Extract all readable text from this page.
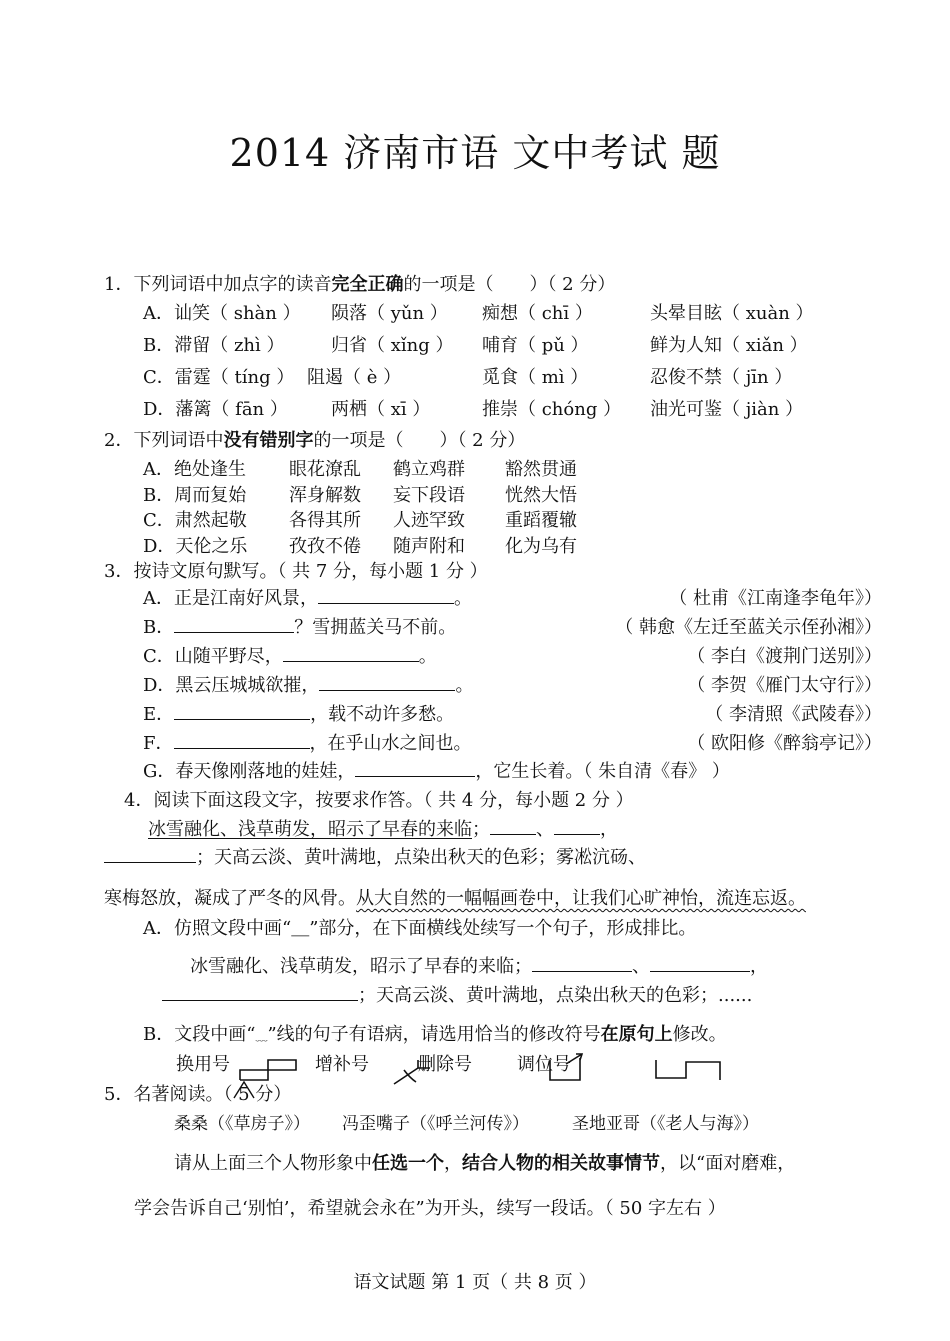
2014 济南市语 文中考试 题
1．下列词语中加点字的读音完全正确的一项是（　　）（ 2 分）
A．讪笑（ shàn ） 陨落（ yǔn ） 痴想（ chī ）	头晕目眩（ xuàn ）
B．滞留（ zhì ）	归省（ xǐng ） 哺育（ pǔ ）	鲜为人知（ xiǎn ）
C．雷霆（ tíng ） 阻遏（ è ）	觅食（ mì ）	忍俊不禁（ jīn ）
D．藩篱（ fān ） 两栖（ xī ）	推崇（ chóng ） 油光可鉴（ jiàn ）
2．下列词语中没有错别字的一项是（　　）（ 2 分）
A．绝处逢生 眼花潦乱 鹤立鸡群 豁然贯通
B．周而复始 浑身解数 妄下段语 恍然大悟
C．肃然起敬 各得其所 人迹罕致 重蹈覆辙
D．天伦之乐 孜孜不倦 随声附和 化为乌有
3．按诗文原句默写。（ 共 7 分，每小题 1 分 ）
A．正是江南好风景，	。	（ 杜甫《江南逢李龟年》）
B．	？雪拥蓝关马不前。	（ 韩愈《左迁至蓝关示侄孙湘》）
C．山随平野尽，	。	（ 李白《渡荆门送别》）
D．黑云压城城欲摧，	。	（ 李贺《雁门太守行》）
E．	，载不动许多愁。	（ 李清照《武陵春》）
F．	，在乎山水之间也。	（ 欧阳修《醉翁亭记》）
G．春天像刚落地的娃娃，	，它生长着。（ 朱自清《春》 ）
4．阅读下面这段文字，按要求作答。（ 共 4 分，每小题 2 分 ）
冰雪融化、浅草萌发，昭示了早春的来临；	、	，
；天高云淡、黄叶满地，点染出秋天的色彩；雾凇沆砀、
寒梅怒放，凝成了严冬的风骨。从大自然的一幅幅画卷中，让我们心旷神怡，流连忘返。
A．仿照文段中画“＿”部分，在下面横线处续写一个句子，形成排比。
冰雪融化、浅草萌发，昭示了早春的来临；	、	，
；天高云淡、黄叶满地，点染出秋天的色彩；......
B．文段中画“﹏”线的句子有语病，请选用恰当的修改符号在原句上修改。
换用号	增补号	删除号	调位号
5．名著阅读。（ 5 分）
桑桑（《草房子》） 冯歪嘴子（《呼兰河传》）	圣地亚哥（《老人与海》）
请从上面三个人物形象中任选一个，结合人物的相关故事情节，以“面对磨难，
学会告诉自己‘别怕’，希望就会永在”为开头，续写一段话。（ 50 字左右 ）
语文试题 第 1 页（ 共 8 页 ）
